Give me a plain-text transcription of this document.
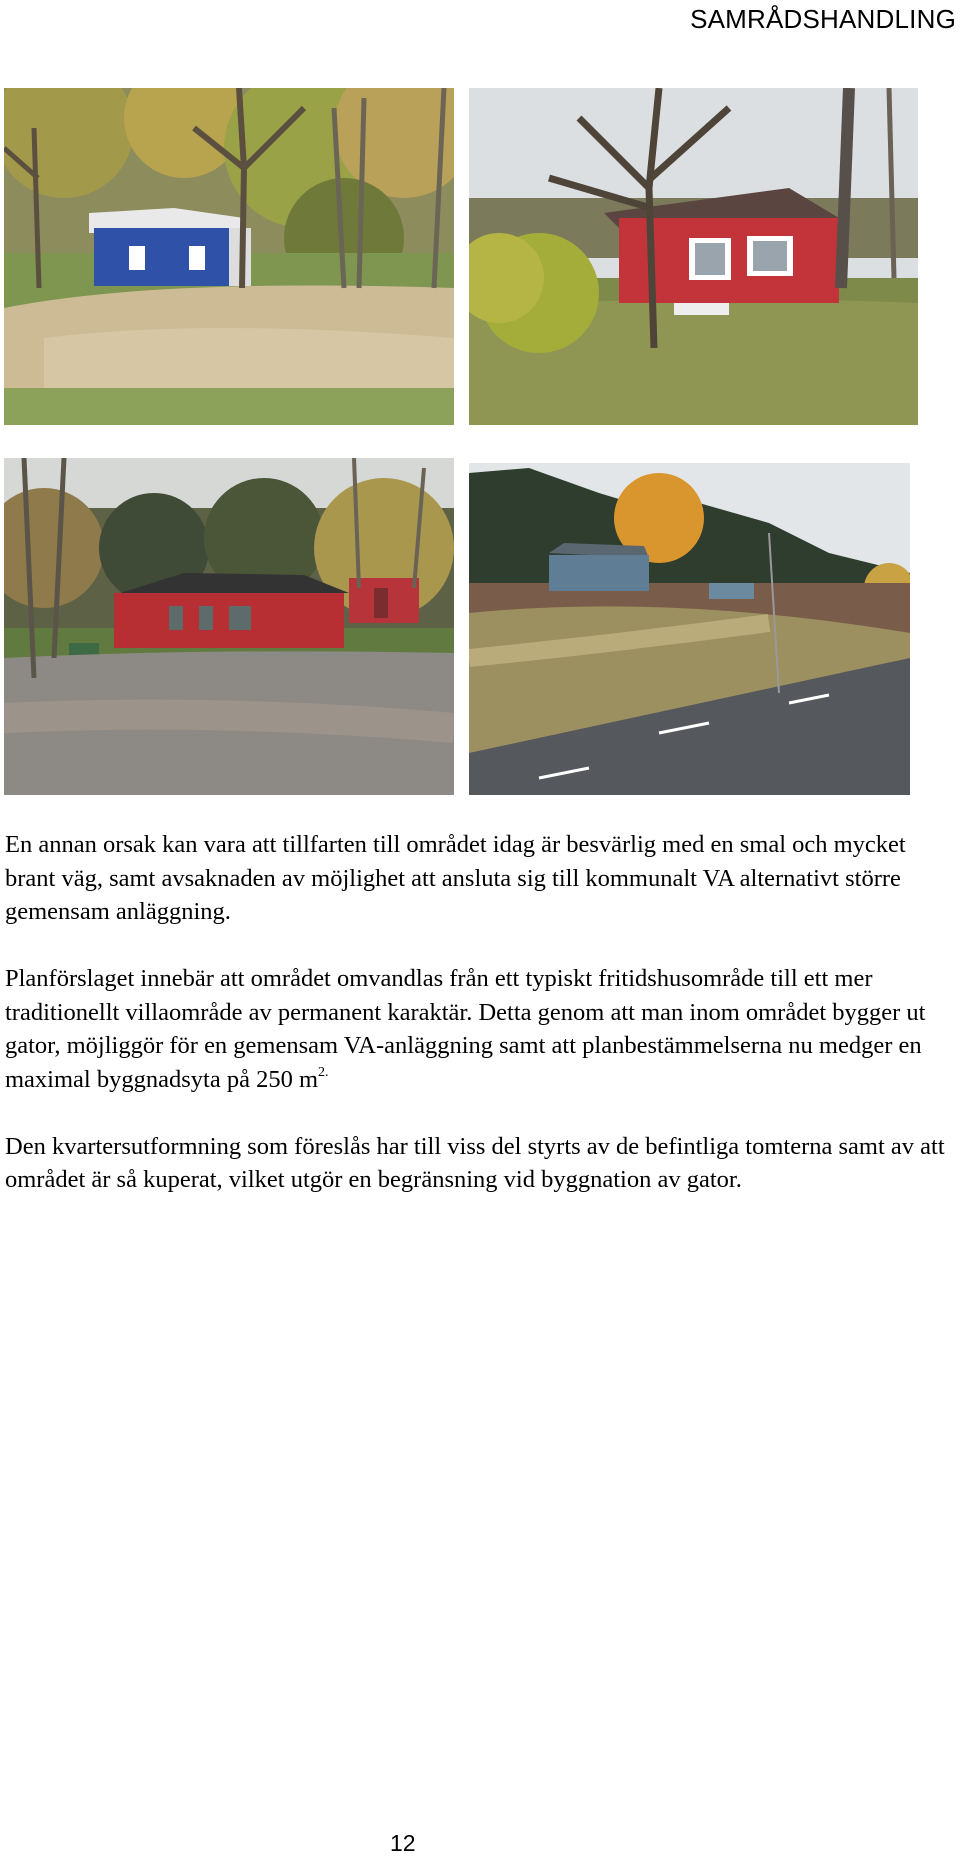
SAMRÅDSHANDLING

En annan orsak kan vara att tillfarten till området idag är besvärlig med en smal och mycket brant väg, samt avsaknaden av möjlighet att ansluta sig till kommunalt VA alternativt större gemensam anläggning.

Planförslaget innebär att området omvandlas från ett typiskt fritidshusområde till ett mer traditionellt villaområde av permanent karaktär. Detta genom att man inom området bygger ut gator, möjliggör för en gemensam VA-anläggning samt att planbestämmelserna nu medger en maximal byggnadsyta på 250 $m^{2.}$

Den kvartersutformning som föreslås har till viss del styrts av de befintliga tomterna samt av att området är så kuperat, vilket utgör en begränsning vid byggnation av gator.

12
